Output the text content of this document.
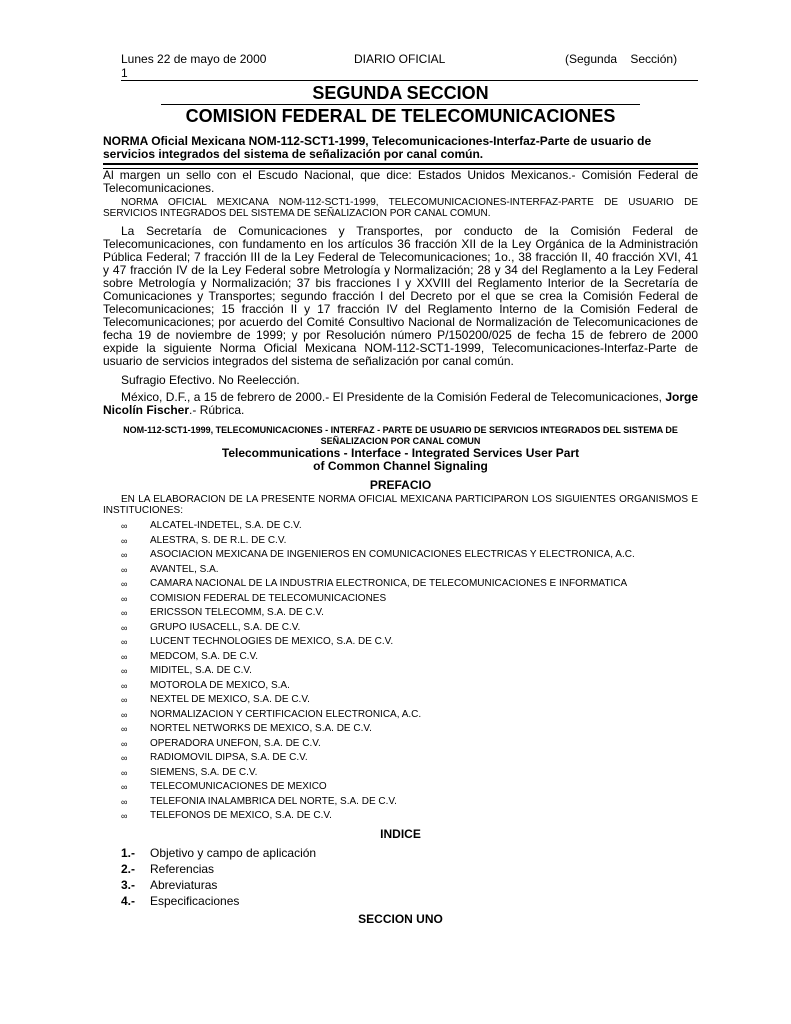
Lunes 22 de mayo de 2000
1
DIARIO OFICIAL	(Segunda    Sección)
SEGUNDA SECCION
COMISION FEDERAL DE TELECOMUNICACIONES
NORMA Oficial Mexicana NOM-112-SCT1-1999, Telecomunicaciones-Interfaz-Parte de usuario de servicios integrados del sistema de señalización por canal común.

Al margen un sello con el Escudo Nacional, que dice: Estados Unidos Mexicanos.- Comisión Federal de Telecomunicaciones.

NORMA OFICIAL MEXICANA NOM-112-SCT1-1999, TELECOMUNICACIONES-INTERFAZ-PARTE DE USUARIO DE SERVICIOS INTEGRADOS DEL SISTEMA DE SEÑALIZACION POR CANAL COMUN.

La Secretaría de Comunicaciones y Transportes, por conducto de la Comisión Federal de Telecomunicaciones, con fundamento en los artículos 36 fracción XII de la Ley Orgánica de la Administración Pública Federal; 7 fracción III de la Ley Federal de Telecomunicaciones; 1o., 38 fracción II, 40 fracción XVI, 41 y 47 fracción IV de la Ley Federal sobre Metrología y Normalización; 28 y 34 del Reglamento a la Ley Federal sobre Metrología y Normalización; 37 bis fracciones I y XXVIII del Reglamento Interior de la Secretaría de Comunicaciones y Transportes; segundo fracción I del Decreto por el que se crea la Comisión Federal de Telecomunicaciones; 15 fracción II y 17 fracción IV del Reglamento Interno de la Comisión Federal de Telecomunicaciones; por acuerdo del Comité Consultivo Nacional de Normalización de Telecomunicaciones de fecha 19 de noviembre de 1999; y por Resolución número P/150200/025 de fecha 15 de febrero de 2000 expide la siguiente Norma Oficial Mexicana NOM-112-SCT1-1999, Telecomunicaciones-Interfaz-Parte de usuario de servicios integrados del sistema de señalización por canal común.

Sufragio Efectivo. No Reelección.

México, D.F., a 15 de febrero de 2000.- El Presidente de la Comisión Federal de Telecomunicaciones, Jorge Nicolín Fischer.- Rúbrica.

NOM-112-SCT1-1999, TELECOMUNICACIONES - INTERFAZ - PARTE DE USUARIO DE SERVICIOS INTEGRADOS DEL SISTEMA DE SEÑALIZACION POR CANAL COMUN
Telecommunications - Interface - Integrated Services User Part
of Common Channel Signaling
PREFACIO

EN LA ELABORACION DE LA PRESENTE NORMA OFICIAL MEXICANA PARTICIPARON LOS SIGUIENTES ORGANISMOS E INSTITUCIONES:

∞ ALCATEL-INDETEL, S.A. DE C.V.
∞ ALESTRA, S. DE R.L. DE C.V.
∞ ASOCIACION MEXICANA DE INGENIEROS EN COMUNICACIONES ELECTRICAS Y ELECTRONICA, A.C.
∞ AVANTEL, S.A.
∞ CAMARA NACIONAL DE LA INDUSTRIA ELECTRONICA, DE TELECOMUNICACIONES E INFORMATICA
∞ COMISION FEDERAL DE TELECOMUNICACIONES
∞ ERICSSON TELECOMM, S.A. DE C.V.
∞ GRUPO IUSACELL, S.A. DE C.V.
∞ LUCENT TECHNOLOGIES DE MEXICO, S.A. DE C.V.
∞ MEDCOM, S.A. DE C.V.
∞ MIDITEL, S.A. DE C.V.
∞ MOTOROLA DE MEXICO, S.A.
∞ NEXTEL DE MEXICO, S.A. DE C.V.
∞ NORMALIZACION Y CERTIFICACION ELECTRONICA, A.C.
∞ NORTEL NETWORKS DE MEXICO, S.A. DE C.V.
∞ OPERADORA UNEFON, S.A. DE C.V.
∞ RADIOMOVIL DIPSA, S.A. DE C.V.
∞ SIEMENS, S.A. DE C.V.
∞ TELECOMUNICACIONES DE MEXICO
∞ TELEFONIA INALAMBRICA DEL NORTE, S.A. DE C.V.
∞ TELEFONOS DE MEXICO, S.A. DE C.V.
INDICE
1.- Objetivo y campo de aplicación
2.- Referencias
3.- Abreviaturas
4.- Especificaciones
SECCION UNO
